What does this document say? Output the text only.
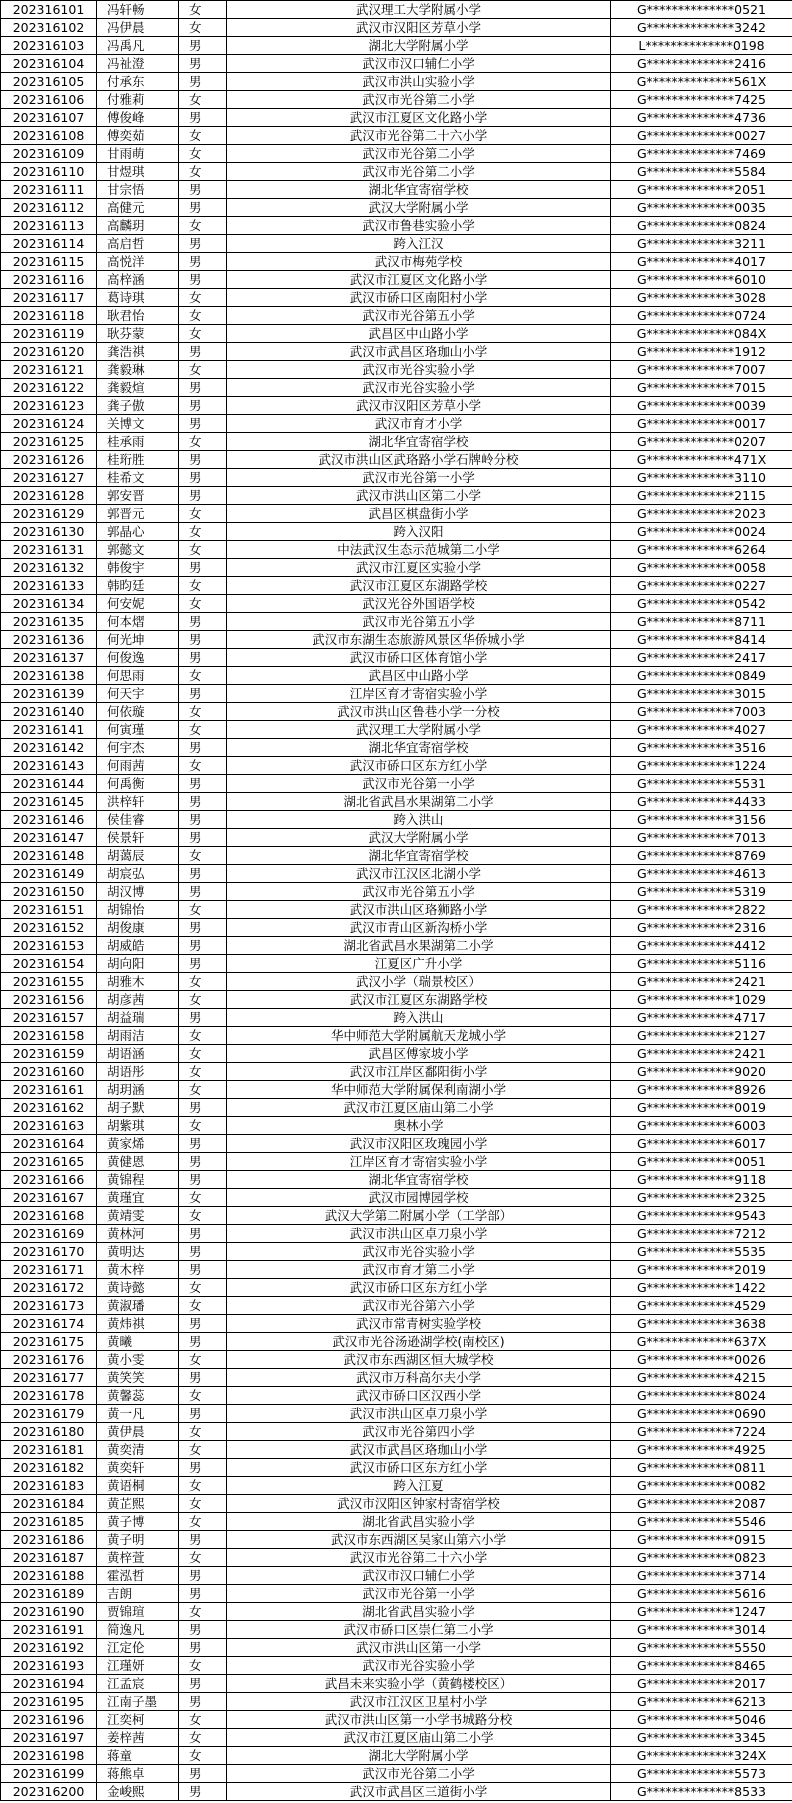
202316101	冯轩畅	女	武汉理工大学附属小学	G**************0521
202316102	冯伊晨	女	武汉市汉阳区芳草小学	G**************3242
202316103	冯禹凡	男	湖北大学附属小学	L**************0198
202316104	冯祉澄	男	武汉市汉口辅仁小学	G**************2416
202316105	付承东	男	武汉市洪山实验小学	G**************561X
202316106	付雅莉	女	武汉市光谷第二小学	G**************7425
202316107	傅俊峰	男	武汉市江夏区文化路小学	G**************4736
202316108	傅奕茹	女	武汉市光谷第二十六小学	G**************0027
202316109	甘雨萌	女	武汉市光谷第二小学	G**************7469
202316110	甘煜琪	女	武汉市光谷第二小学	G**************5584
202316111	甘宗悟	男	湖北华宜寄宿学校	G**************2051
202316112	高健元	男	武汉大学附属小学	G**************0035
202316113	高麟玥	女	武汉市鲁巷实验小学	G**************0824
202316114	高启哲	男	跨入江汉	G**************3211
202316115	高悦洋	男	武汉市梅苑学校	G**************4017
202316116	高梓涵	男	武汉市江夏区文化路小学	G**************6010
202316117	葛诗琪	女	武汉市硚口区南阳村小学	G**************3028
202316118	耿君怡	女	武汉市光谷第五小学	G**************0724
202316119	耿芬蒙	女	武昌区中山路小学	G**************084X
202316120	龚浩祺	男	武汉市武昌区珞珈山小学	G**************1912
202316121	龚毅琳	女	武汉市光谷实验小学	G**************7007
202316122	龚毅煊	男	武汉市光谷实验小学	G**************7015
202316123	龚子傲	男	武汉市汉阳区芳草小学	G**************0039
202316124	关博文	男	武汉市育才小学	G**************0017
202316125	桂承雨	女	湖北华宜寄宿学校	G**************0207
202316126	桂珩胜	男	武汉市洪山区武珞路小学石牌岭分校	G**************471X
202316127	桂希文	男	武汉市光谷第一小学	G**************3110
202316128	郭安晋	男	武汉市洪山区第二小学	G**************2115
202316129	郭晋元	女	武昌区棋盘街小学	G**************2023
202316130	郭晶心	女	跨入汉阳	G**************0024
202316131	郭懿文	女	中法武汉生态示范城第二小学	G**************6264
202316132	韩俊宇	男	武汉市江夏区实验小学	G**************0058
202316133	韩昀廷	女	武汉市江夏区东湖路学校	G**************0227
202316134	何安妮	女	武汉光谷外国语学校	G**************0542
202316135	何本熠	男	武汉市光谷第五小学	G**************8711
202316136	何光坤	男	武汉市东湖生态旅游风景区华侨城小学	G**************8414
202316137	何俊逸	男	武汉市硚口区体育馆小学	G**************2417
202316138	何思雨	女	武昌区中山路小学	G**************0849
202316139	何天宇	男	江岸区育才寄宿实验小学	G**************3015
202316140	何依璇	女	武汉市洪山区鲁巷小学一分校	G**************7003
202316141	何寅瑾	女	武汉理工大学附属小学	G**************4027
202316142	何宇杰	男	湖北华宜寄宿学校	G**************3516
202316143	何雨茜	女	武汉市硚口区东方红小学	G**************1224
202316144	何禹衡	男	武汉市光谷第一小学	G**************5531
202316145	洪梓轩	男	湖北省武昌水果湖第二小学	G**************4433
202316146	侯佳睿	男	跨入洪山	G**************3156
202316147	侯景轩	男	武汉大学附属小学	G**************7013
202316148	胡蔼辰	女	湖北华宜寄宿学校	G**************8769
202316149	胡宸弘	男	武汉市江汉区北湖小学	G**************4613
202316150	胡汉博	男	武汉市光谷第五小学	G**************5319
202316151	胡锦怡	女	武汉市洪山区珞狮路小学	G**************2822
202316152	胡俊康	男	武汉市青山区新沟桥小学	G**************2316
202316153	胡威皓	男	湖北省武昌水果湖第二小学	G**************4412
202316154	胡向阳	男	江夏区广升小学	G**************5116
202316155	胡雅木	女	武汉小学（瑞景校区）	G**************2421
202316156	胡彦茜	女	武汉市江夏区东湖路学校	G**************1029
202316157	胡益瑞	男	跨入洪山	G**************4717
202316158	胡雨洁	女	华中师范大学附属航天龙城小学	G**************2127
202316159	胡语涵	女	武昌区傅家坡小学	G**************2421
202316160	胡语彤	女	武汉市江岸区鄱阳街小学	G**************9020
202316161	胡玥涵	女	华中师范大学附属保利南湖小学	G**************8926
202316162	胡子默	男	武汉市江夏区庙山第二小学	G**************0019
202316163	胡紫琪	女	奥林小学	G**************6003
202316164	黄家烯	男	武汉市汉阳区玫瑰园小学	G**************6017
202316165	黄健恩	男	江岸区育才寄宿实验小学	G**************0051
202316166	黄锦程	男	湖北华宜寄宿学校	G**************9118
202316167	黄瑾宜	女	武汉市园博园学校	G**************2325
202316168	黄靖雯	女	武汉大学第二附属小学（工学部）	G**************9543
202316169	黄林河	男	武汉市洪山区卓刀泉小学	G**************7212
202316170	黄明达	男	武汉市光谷实验小学	G**************5535
202316171	黄木梓	男	武汉市育才第二小学	G**************2019
202316172	黄诗懿	女	武汉市硚口区东方红小学	G**************1422
202316173	黄淑璠	女	武汉市光谷第六小学	G**************4529
202316174	黄炜祺	男	武汉市常青树实验学校	G**************3638
202316175	黄曦	男	武汉市光谷汤逊湖学校(南校区)	G**************637X
202316176	黄小雯	女	武汉市东西湖区恒大城学校	G**************0026
202316177	黄笑笑	男	武汉市万科高尔夫小学	G**************4215
202316178	黄馨蕊	女	武汉市硚口区汉西小学	G**************8024
202316179	黄一凡	男	武汉市洪山区卓刀泉小学	G**************0690
202316180	黄伊晨	女	武汉市光谷第四小学	G**************7224
202316181	黄奕清	女	武汉市武昌区珞珈山小学	G**************4925
202316182	黄奕轩	男	武汉市硚口区东方红小学	G**************0811
202316183	黄语桐	女	跨入江夏	G**************0082
202316184	黄芷熙	女	武汉市汉阳区钟家村寄宿学校	G**************2087
202316185	黄子博	女	湖北省武昌实验小学	G**************5546
202316186	黄子明	男	武汉市东西湖区吴家山第六小学	G**************0915
202316187	黄梓萱	女	武汉市光谷第二十六小学	G**************0823
202316188	霍泓哲	男	武汉市汉口辅仁小学	G**************3714
202316189	吉朗	男	武汉市光谷第一小学	G**************5616
202316190	贾锦瑄	女	湖北省武昌实验小学	G**************1247
202316191	简逸凡	男	武汉市硚口区崇仁第二小学	G**************3014
202316192	江定伦	男	武汉市洪山区第一小学	G**************5550
202316193	江瑾妍	女	武汉市光谷实验小学	G**************8465
202316194	江孟宸	男	武昌未来实验小学（黄鹤楼校区）	G**************2017
202316195	江南子墨	男	武汉市江汉区卫星村小学	G**************6213
202316196	江奕柯	女	武汉市洪山区第一小学书城路分校	G**************5046
202316197	姜梓茜	女	武汉市江夏区庙山第二小学	G**************3345
202316198	蒋童	女	湖北大学附属小学	G**************324X
202316199	蒋熊卓	男	武汉市光谷第二小学	G**************5573
202316200	金峻熙	男	武汉市武昌区三道街小学	G**************8533
